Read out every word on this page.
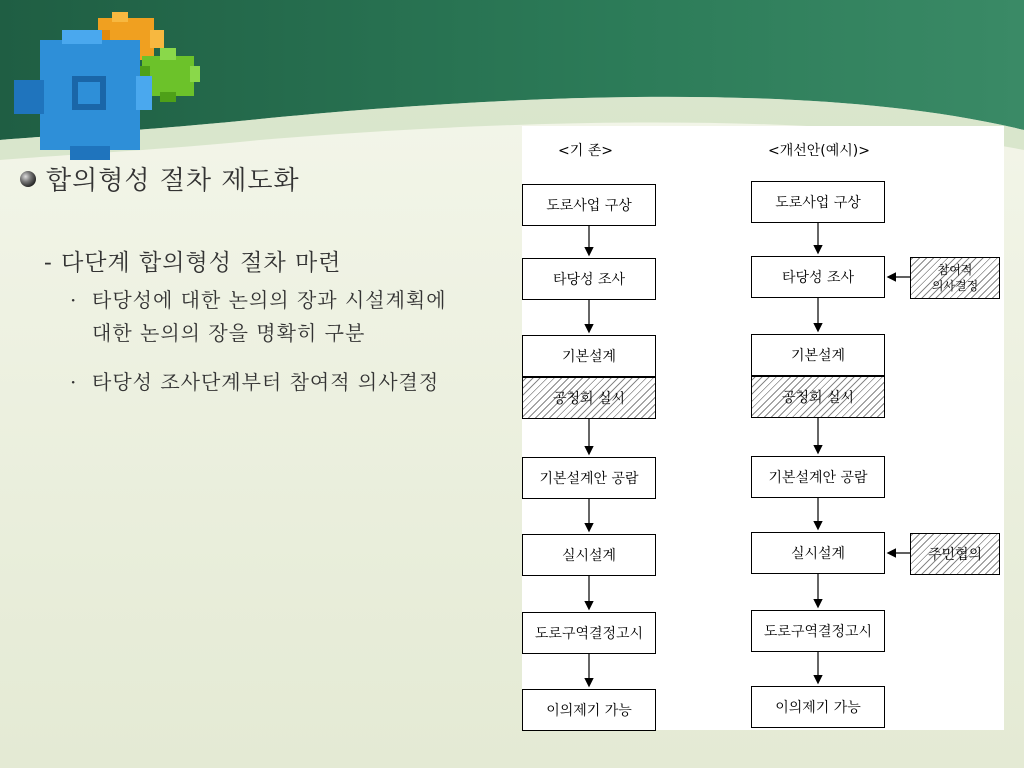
합의형성 절차 제도화
- 다단계 합의형성 절차 마련
· 타당성에 대한 논의의 장과 시설계획에
대한 논의의 장을 명확히 구분
· 타당성 조사단계부터 참여적 의사결정
<기 존>	<개선안(예시)>
도로사업 구상
타당성 조사
기본설계
공청회 실시
기본설계안 공람
실시설계
도로구역결정고시
이의제기 가능
도로사업 구상
타당성 조사
기본설계
공청회 실시
기본설계안 공람
실시설계
도로구역결정고시
이의제기 가능
참여적
의사결정
주민협의
